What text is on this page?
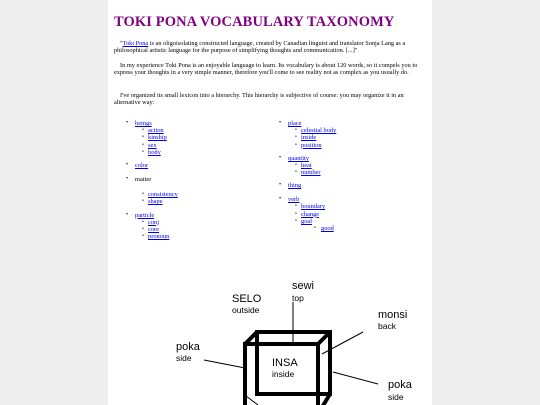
TOKI PONA VOCABULARY TAXONOMY

"Toki Pona is an oligoisolating constructed language, created by Canadian linguist and translator Sonja Lang as a philosophical artistic language for the purpose of simplifying thoughts and communication. [...]"

In my experience Toki Pona is an enjoyable language to learn. Its vocabulary is about 120 words, so it compels you to express your thoughts in a very simple manner, therefore you'll come to see reality not as complex as you usually do.

I've organized its small lexicon into a hierarchy. This hierarchy is subjective of course: you may organize it in an alternative way:

• beings
• action
• kinship
• sex
• body
• color
• matter
• consistency
• shape
• particle
• conj
• core
• pronoun
• place
• celestial body
• inside
• position
• quantity
• heat
• number
• thing
• verb
• boundary
• change
• goal
• good
sewi
top
SELO
outside	monsi
back
poka
side	INSA
inside
poka
side
